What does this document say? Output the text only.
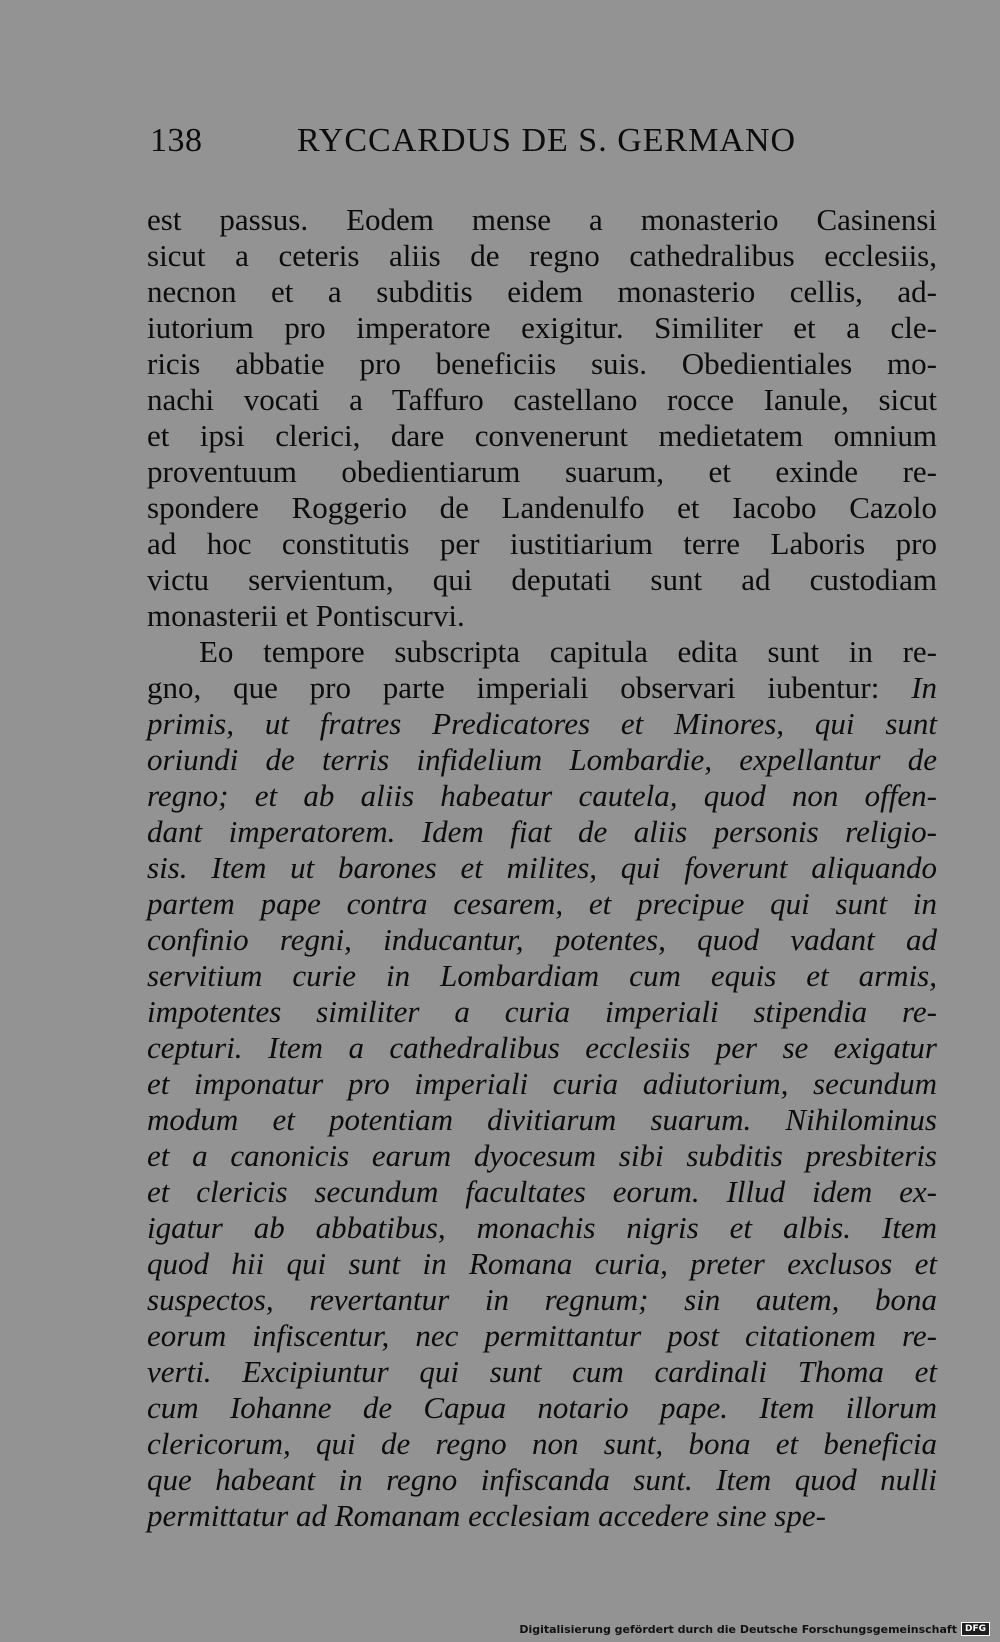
138	RYCCARDUS DE S. GERMANO
est passus. Eodem mense a monasterio Casinensi
sicut a ceteris aliis de regno cathedralibus ecclesiis,
necnon et a subditis eidem monasterio cellis, ad-
iutorium pro imperatore exigitur. Similiter et a cle-
ricis abbatie pro beneficiis suis. Obedientiales mo-
nachi vocati a Taffuro castellano rocce Ianule, sicut
et ipsi clerici, dare convenerunt medietatem omnium
proventuum obedientiarum suarum, et exinde re-
spondere Roggerio de Landenulfo et Iacobo Cazolo
ad hoc constitutis per iustitiarium terre Laboris pro
victu servientum, qui deputati sunt ad custodiam
monasterii et Pontiscurvi.
Eo tempore subscripta capitula edita sunt in re-
gno, que pro parte imperiali observari iubentur: In
primis, ut fratres Predicatores et Minores, qui sunt
oriundi de terris infidelium Lombardie, expellantur de
regno; et ab aliis habeatur cautela, quod non offen-
dant imperatorem. Idem fiat de aliis personis religio-
sis. Item ut barones et milites, qui foverunt aliquando
partem pape contra cesarem, et precipue qui sunt in
confinio regni, inducantur, potentes, quod vadant ad
servitium curie in Lombardiam cum equis et armis,
impotentes similiter a curia imperiali stipendia re-
cepturi. Item a cathedralibus ecclesiis per se exigatur
et imponatur pro imperiali curia adiutorium, secundum
modum et potentiam divitiarum suarum. Nihilominus
et a canonicis earum dyocesum sibi subditis presbiteris
et clericis secundum facultates eorum. Illud idem ex-
igatur ab abbatibus, monachis nigris et albis. Item
quod hii qui sunt in Romana curia, preter exclusos et
suspectos, revertantur in regnum; sin autem, bona
eorum infiscentur, nec permittantur post citationem re-
verti. Excipiuntur qui sunt cum cardinali Thoma et
cum Iohanne de Capua notario pape. Item illorum
clericorum, qui de regno non sunt, bona et beneficia
que habeant in regno infiscanda sunt. Item quod nulli
permittatur ad Romanam ecclesiam accedere sine spe-
Digitalisierung gefördert durch die Deutsche Forschungsgemeinschaft DFG
